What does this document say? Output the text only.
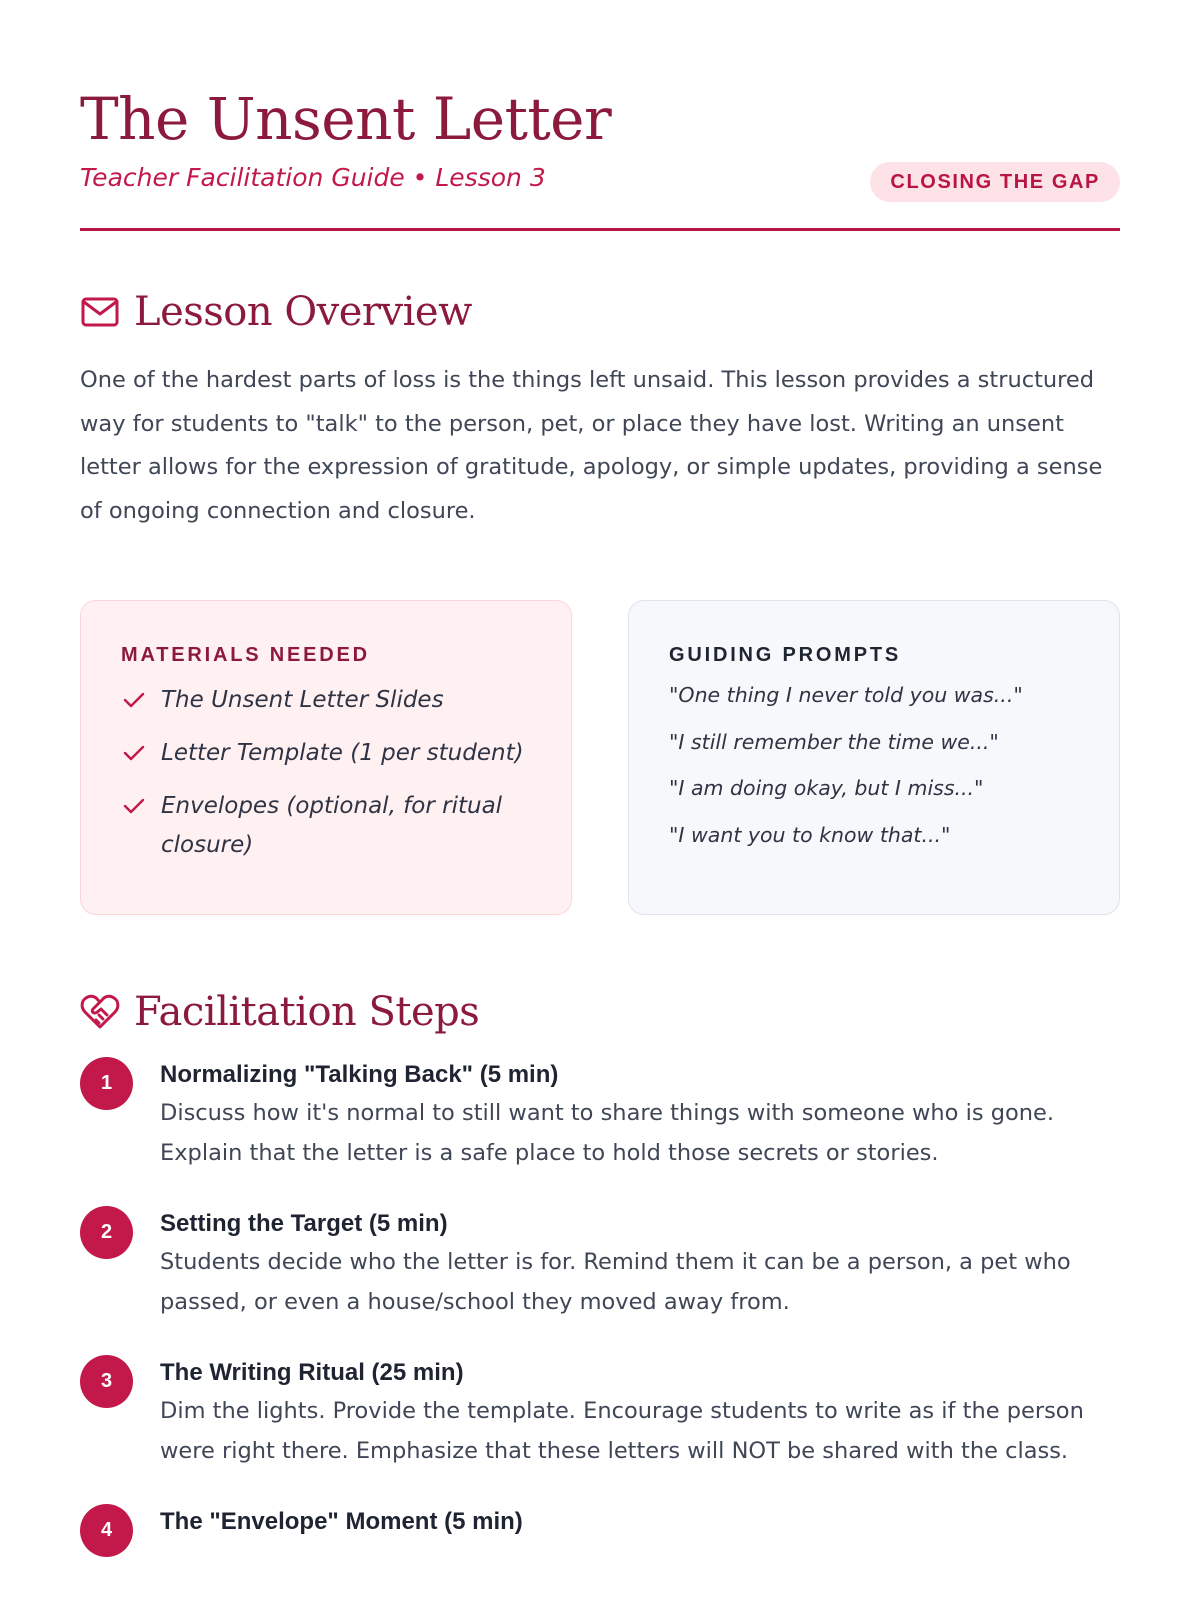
The Unsent Letter
Teacher Facilitation Guide • Lesson 3	CLOSING THE GAP
Lesson Overview

One of the hardest parts of loss is the things left unsaid. This lesson provides a structured way for students to "talk" to the person, pet, or place they have lost. Writing an unsent letter allows for the expression of gratitude, apology, or simple updates, providing a sense of ongoing connection and closure.

MATERIALS NEEDED
The Unsent Letter Slides
Letter Template (1 per student)
Envelopes (optional, for ritual closure)
GUIDING PROMPTS
"One thing I never told you was..."
"I still remember the time we..."
"I am doing okay, but I miss..."
"I want you to know that..."
Facilitation Steps
1	Normalizing "Talking Back" (5 min)

Discuss how it's normal to still want to share things with someone who is gone. Explain that the letter is a safe place to hold those secrets or stories.

2	Setting the Target (5 min)

Students decide who the letter is for. Remind them it can be a person, a pet who passed, or even a house/school they moved away from.

3	The Writing Ritual (25 min)

Dim the lights. Provide the template. Encourage students to write as if the person were right there. Emphasize that these letters will NOT be shared with the class.

4	The "Envelope" Moment (5 min)
